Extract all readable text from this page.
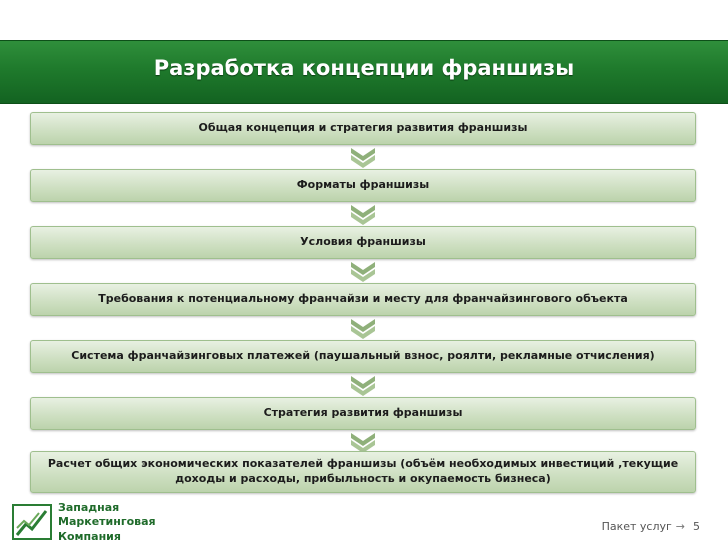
Разработка концепции франшизы
Общая концепция и стратегия развития франшизы
Форматы франшизы
Условия франшизы
Требования к потенциальному франчайзи и месту для франчайзингового объекта
Система франчайзинговых платежей (паушальный взнос, роялти, рекламные отчисления)
Стратегия развития франшизы
Расчет общих экономических показателей франшизы (объём необходимых инвестиций ,текущие доходы и расходы, прибыльность и окупаемость бизнеса)
Западная
Маркетинговая
Компания
Пакет услуг → 5
